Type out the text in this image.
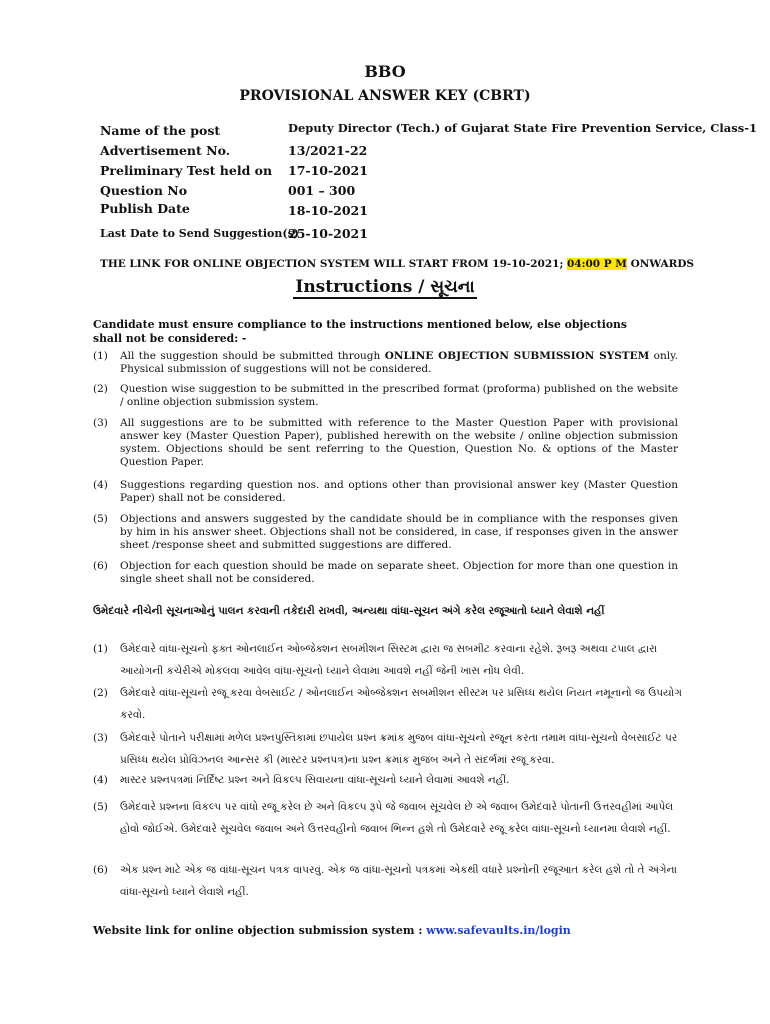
BBO
PROVISIONAL ANSWER KEY (CBRT)
Name of the post	Deputy Director (Tech.) of Gujarat State Fire Prevention Service, Class-1
Advertisement No.	13/2021-22
Preliminary Test held on 17-10-2021
Question No	001 – 300
Publish Date	18-10-2021
Last Date to Send Suggestion(s)
25-10-2021
THE LINK FOR ONLINE OBJECTION SYSTEM WILL START FROM 19-10-2021; 04:00 P M ONWARDS
Instructions / સૂચના
Candidate must ensure compliance to the instructions mentioned below, else objections shall not be considered: -
(1) All the suggestion should be submitted through ONLINE OBJECTION SUBMISSION SYSTEM only. Physical submission of suggestions will not be considered.
(2) Question wise suggestion to be submitted in the prescribed format (proforma) published on the website / online objection submission system.
(3) All suggestions are to be submitted with reference to the Master Question Paper with provisional answer key (Master Question Paper), published herewith on the website / online objection submission system. Objections should be sent referring to the Question, Question No. & options of the Master Question Paper.
(4) Suggestions regarding question nos. and options other than provisional answer key (Master Question Paper) shall not be considered.
(5) Objections and answers suggested by the candidate should be in compliance with the responses given by him in his answer sheet. Objections shall not be considered, in case, if responses given in the answer sheet /response sheet and submitted suggestions are differed.
(6) Objection for each question should be made on separate sheet. Objection for more than one question in single sheet shall not be considered.
ઉમેદવારે નીચેની સૂચનાઓનું પાલન કરવાની તકેદારી રાખવી, અન્યથા વાંધા-સૂચન અંગે કરેલ રજૂઆતો ધ્યાને લેવાશે નહીં
(1) ઉમેદવારે વાંધા-સૂચનો ફક્ત ઓનલાઈન ઓબ્જેક્શન સબમીશન સિસ્ટમ દ્વારા જ સબમીટ કરવાના રહેશે. રૂબરૂ અથવા ટપાલ દ્વારા આયોગની કચેરીએ મોકલવા આવેલ વાંધા-સૂચનો ધ્યાને લેવામા આવશે નહીં જેની ખાસ નોંધ લેવી.
(2) ઉમેદવારે વાંધા-સૂચનો રજૂ કરવા વેબસાઈટ / ઓનલાઈન ઓબ્જેક્શન સબમીશન સીસ્ટમ પર પ્રસિધ્ધ થયેલ નિયત નમૂનાનો જ ઉપયોગ કરવો.
(3) ઉમેદવારે પોતાને પરીક્ષામાં મળેલ પ્રશ્નપુસ્તિકામાં છપાયેલ પ્રશ્ન ક્રમાંક મુજબ વાંધા-સૂચનો રજૂન કરતા તમામ વાંધા-સૂચનો વેબસાઈટ પર પ્રસિધ્ધ થયેલ પ્રોવિઝનલ આન્સર કી (માસ્ટર પ્રશ્નપત્ર)ના પ્રશ્ન ક્રમાંક મુજબ અને તે સંદર્ભમાં રજૂ કરવા.
(4) માસ્ટર પ્રશ્નપત્રમાં નિર્દિષ્ટ પ્રશ્ન અને વિકલ્પ સિવાયના વાંધા-સૂચનો ધ્યાને લેવામાં આવશે નહીં.
(5) ઉમેદવારે પ્રશ્નના વિકલ્પ પર વાંધો રજૂ કરેલ છે અને વિકલ્પ રૂપે જે જવાબ સૂચવેલ છે એ જવાબ ઉમેદવારે પોતાની ઉત્તરવહીમાં આપેલ હોવો જોઈએ. ઉમેદવારે સૂચવેલ જવાબ અને ઉત્તરવહીનો જવાબ ભિન્ન હશે તો ઉમેદવારે રજૂ કરેલ વાંધા-સૂચનો ધ્યાનમા લેવાશે નહીં.
(6) એક પ્રશ્ન માટે એક જ વાંધા-સૂચન પત્રક વાપરવું. એક જ વાંધા-સૂચનો પત્રકમાં એકથી વધારે પ્રશ્નોની રજૂઆત કરેલ હશે તો તે અંગેના વાંધા-સૂચનો ધ્યાને લેવાશે નહીં.
Website link for online objection submission system : www.safevaults.in/login
